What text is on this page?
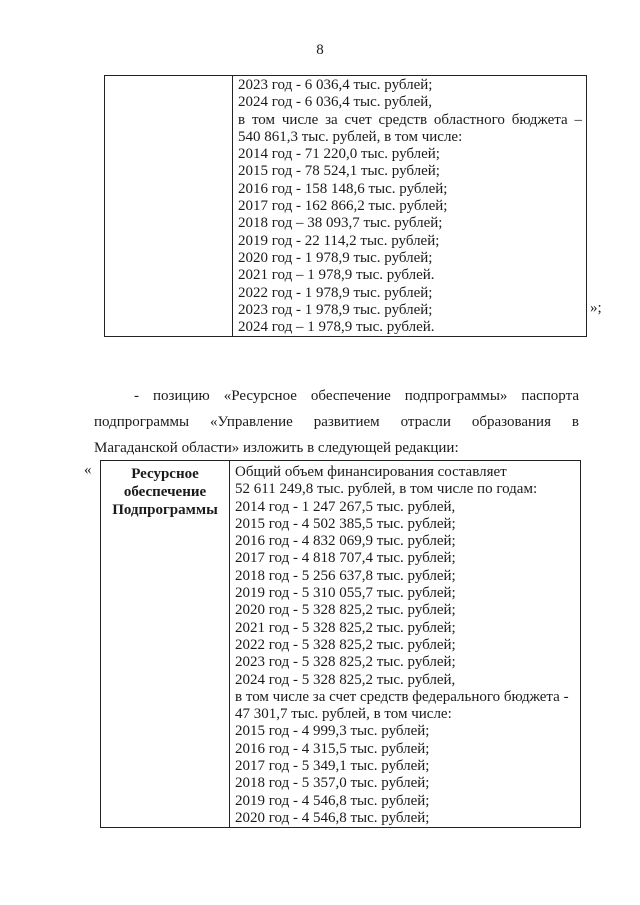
8

2023 год - 6 036,4 тыс. рублей;
2024 год - 6 036,4 тыс. рублей,
в том числе за счет средств областного бюджета –
540 861,3 тыс. рублей, в том числе:
2014 год - 71 220,0 тыс. рублей;
2015 год - 78 524,1 тыс. рублей;
2016 год - 158 148,6 тыс. рублей;
2017 год - 162 866,2 тыс. рублей;
2018 год – 38 093,7 тыс. рублей;
2019 год - 22 114,2 тыс. рублей;
2020 год - 1 978,9 тыс. рублей;
2021 год – 1 978,9 тыс. рублей.
2022 год - 1 978,9 тыс. рублей;
2023 год - 1 978,9 тыс. рублей;
2024 год – 1 978,9 тыс. рублей.
»;

- позицию «Ресурсное обеспечение подпрограммы» паспорта подпрограммы «Управление развитием отрасли образования в Магаданской области» изложить в следующей редакции:

«	Ресурсное
обеспечение
Подпрограммы

Общий объем финансирования составляет
52 611 249,8 тыс. рублей, в том числе по годам:
2014 год - 1 247 267,5 тыс. рублей,
2015 год - 4 502 385,5 тыс. рублей;
2016 год - 4 832 069,9 тыс. рублей;
2017 год - 4 818 707,4 тыс. рублей;
2018 год - 5 256 637,8 тыс. рублей;
2019 год - 5 310 055,7 тыс. рублей;
2020 год - 5 328 825,2 тыс. рублей;
2021 год - 5 328 825,2 тыс. рублей;
2022 год - 5 328 825,2 тыс. рублей;
2023 год - 5 328 825,2 тыс. рублей;
2024 год - 5 328 825,2 тыс. рублей,
в том числе за счет средств федерального бюджета -
47 301,7 тыс. рублей, в том числе:
2015 год - 4 999,3 тыс. рублей;
2016 год - 4 315,5 тыс. рублей;
2017 год - 5 349,1 тыс. рублей;
2018 год - 5 357,0 тыс. рублей;
2019 год - 4 546,8 тыс. рублей;
2020 год - 4 546,8 тыс. рублей;
